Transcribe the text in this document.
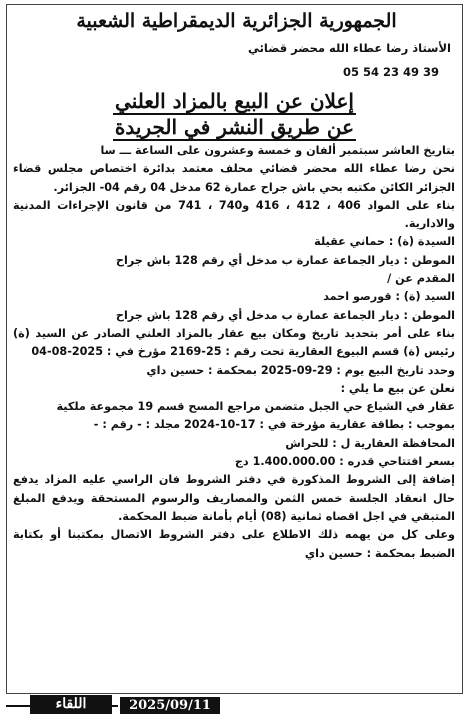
الجمهورية الجزائرية الديمقراطية الشعبية
الأستاذ رضا عطاء الله محضر قضائي
05 54 23 49 39
إعلان عن البيع بالمزاد العلني
عن طريق النشر في الجريدة

بتاريخ العاشر سبتمبر ألفان و خمسة وعشرون على الساعة ـــ سا

نحن رضا عطاء الله محضر قضائي محلف معتمد بدائرة اختصاص مجلس قضاء الجزائر الكائن مكتبه بحي باش جراح عمارة 62 مدخل 04 رقم 04- الجزائر.

بناء على المواد 406 ، 412 ، 416 و740 ، 741 من قانون الإجراءات المدنية والادارية.

السيدة (ة) : حماني عقيلة

الموطن : ديار الجماعة عمارة ب مدخل أي رقم 128 باش جراح

المقدم عن /

السيد (ة) : قورصو احمد

الموطن : ديار الجماعة عمارة ب مدخل أي رقم 128 باش جراح

بناء على أمر بتحديد تاريخ ومكان بيع عقار بالمزاد العلني الصادر عن السيد (ة) رئيس (ة) قسم البيوع العقارية تحت رقم : 25-2169 مؤرخ في : 2025-08-04

وحدد تاريخ البيع يوم : 29-09-2025 بمحكمة : حسين داي

نعلن عن بيع ما يلي :

عقار في الشياع حي الجبل متضمن مراجع المسح قسم 19 مجموعة ملكية

بموجب : بطاقة عقارية مؤرخة في : 17-10-2024 مجلد : - رقم : -

المحافظة العقارية ل : للحراش

بسعر افتتاحي قدره : 1.400.000.00 دج

إضافة إلى الشروط المذكورة في دفتر الشروط فان الراسي عليه المزاد يدفع حال انعقاد الجلسة خمس الثمن والمصاريف والرسوم المستحقة ويدفع المبلغ المتبقي في اجل اقصاه ثمانية (08) أيام بأمانة ضبط المحكمة.

وعلى كل من يهمه ذلك الاطلاع على دفتر الشروط الاتصال بمكتبنا أو بكتابة الضبط بمحكمة : حسين داي

اللقاء	2025/09/11
